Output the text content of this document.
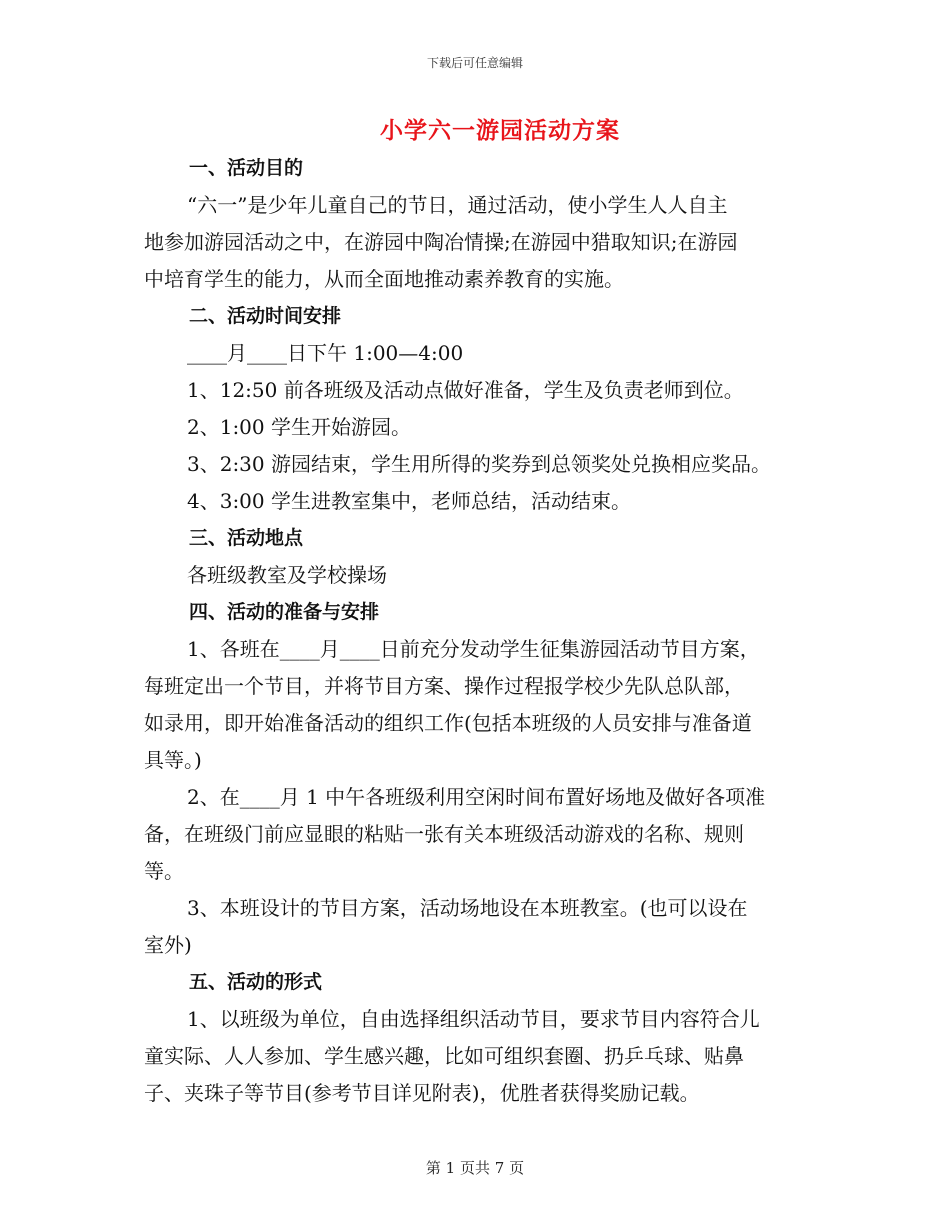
下载后可任意编辑
小学六一游园活动方案

一、活动目的

“六一”是少年儿童自己的节日，通过活动，使小学生人人自主

地参加游园活动之中，在游园中陶冶情操;在游园中猎取知识;在游园

中培育学生的能力，从而全面地推动素养教育的实施。

二、活动时间安排

____月____日下午 1:00—4:00

1、12:50 前各班级及活动点做好准备，学生及负责老师到位。

2、1:00 学生开始游园。

3、2:30 游园结束，学生用所得的奖券到总领奖处兑换相应奖品。

4、3:00 学生进教室集中，老师总结，活动结束。

三、活动地点

各班级教室及学校操场

四、活动的准备与安排

1、各班在____月____日前充分发动学生征集游园活动节目方案，

每班定出一个节目，并将节目方案、操作过程报学校少先队总队部，

如录用，即开始准备活动的组织工作(包括本班级的人员安排与准备道

具等。)

2、在____月 1 中午各班级利用空闲时间布置好场地及做好各项准

备，在班级门前应显眼的粘贴一张有关本班级活动游戏的名称、规则

等。

3、本班设计的节目方案，活动场地设在本班教室。(也可以设在

室外)

五、活动的形式

1、以班级为单位，自由选择组织活动节目，要求节目内容符合儿

童实际、人人参加、学生感兴趣，比如可组织套圈、扔乒乓球、贴鼻

子、夹珠子等节目(参考节目详见附表)，优胜者获得奖励记载。

第 1 页共 7 页
